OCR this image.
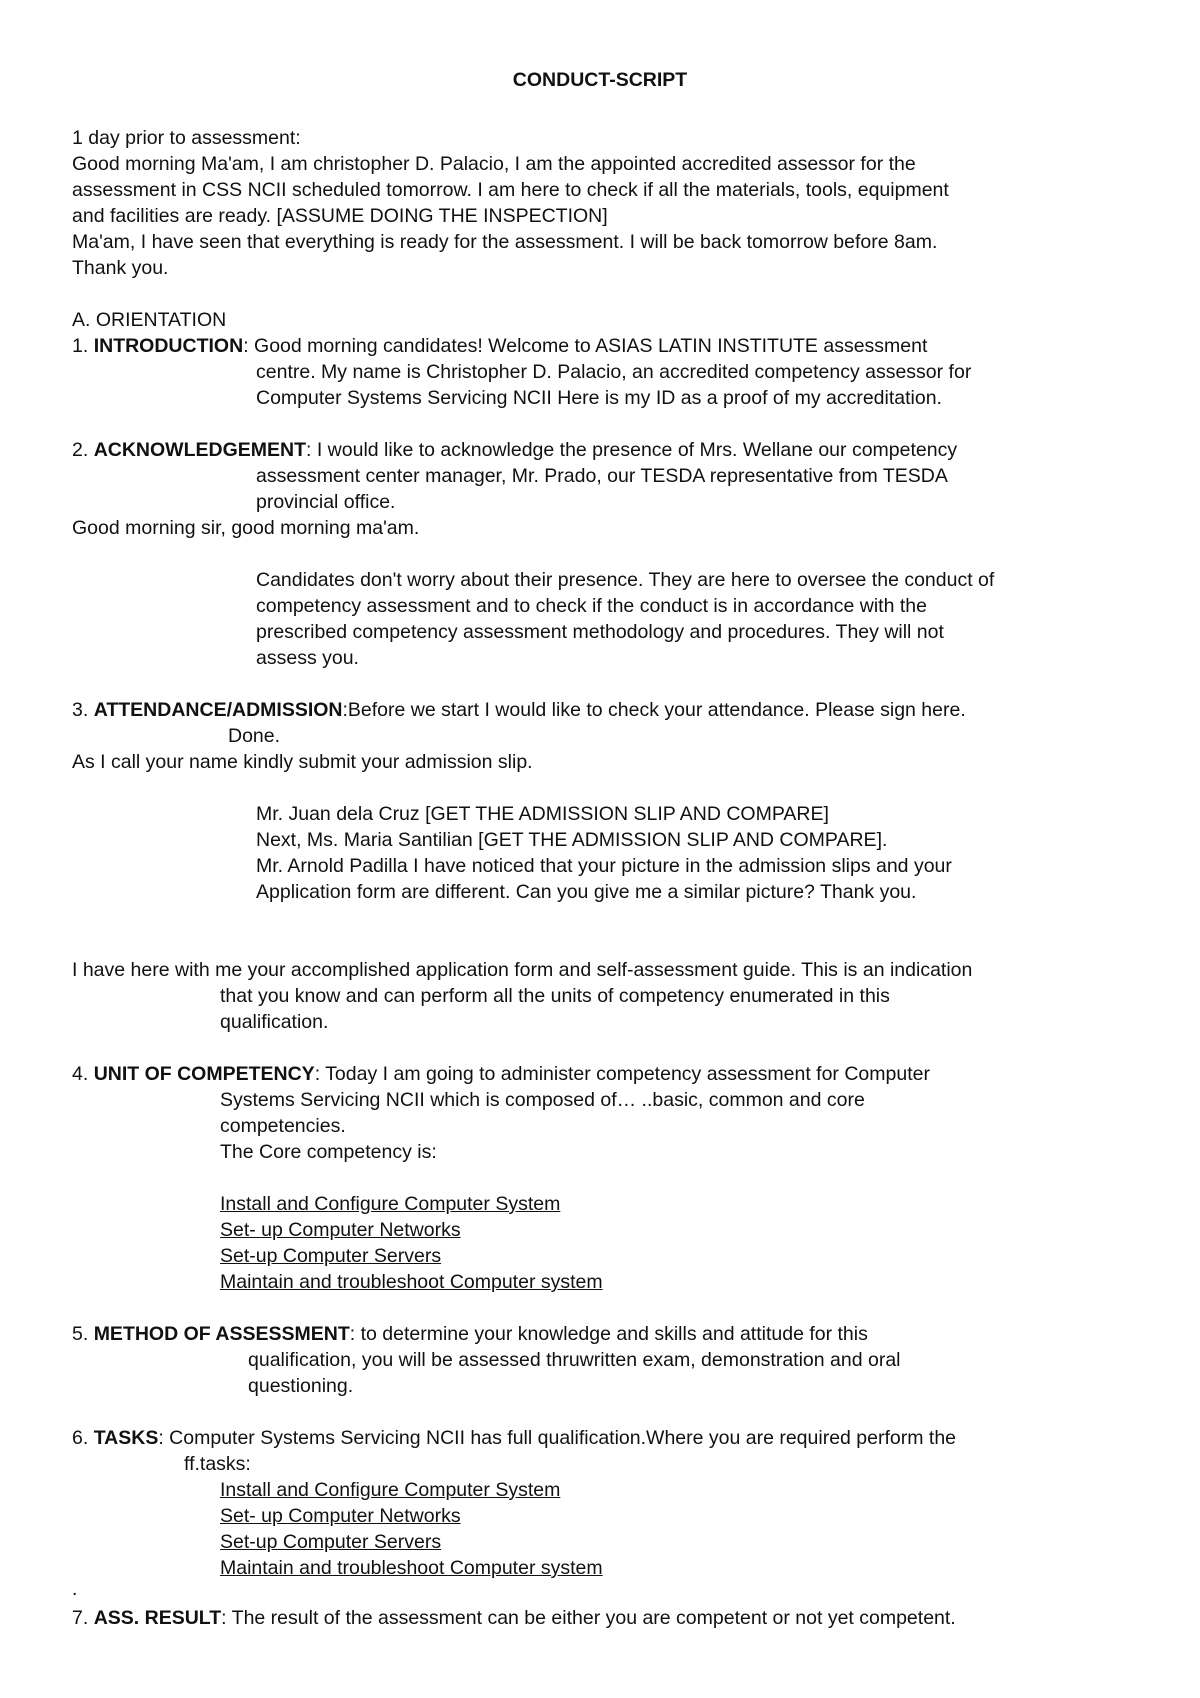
CONDUCT-SCRIPT

1 day prior to assessment:

Good morning Ma'am, I am christopher D. Palacio, I am the appointed accredited assessor for the

assessment in CSS NCII scheduled tomorrow. I am here to check if all the materials, tools, equipment

and facilities are ready. [ASSUME DOING THE INSPECTION]

Ma'am, I have seen that everything is ready for the assessment. I will be back tomorrow before 8am.

Thank you.

A. ORIENTATION

1. INTRODUCTION: Good morning candidates! Welcome to ASIAS LATIN INSTITUTE assessment

centre. My name is Christopher D. Palacio, an accredited competency assessor for

Computer Systems Servicing NCII Here is my ID as a proof of my accreditation.

2. ACKNOWLEDGEMENT: I would like to acknowledge the presence of Mrs. Wellane our competency

assessment center manager, Mr. Prado, our TESDA representative from TESDA

provincial office.

Good morning sir, good morning ma'am.

Candidates don't worry about their presence. They are here to oversee the conduct of

competency assessment and to check if the conduct is in accordance with the

prescribed competency assessment methodology and procedures. They will not

assess you.

3. ATTENDANCE/ADMISSION:Before we start I would like to check your attendance. Please sign here.

Done.

As I call your name kindly submit your admission slip.

Mr. Juan dela Cruz [GET THE ADMISSION SLIP AND COMPARE]

Next, Ms. Maria Santilian [GET THE ADMISSION SLIP AND COMPARE].

Mr. Arnold Padilla I have noticed that your picture in the admission slips and your

Application form are different. Can you give me a similar picture? Thank you.

I have here with me your accomplished application form and self-assessment guide. This is an indication

that you know and can perform all the units of competency enumerated in this

qualification.

4. UNIT OF COMPETENCY: Today I am going to administer competency assessment for Computer

Systems Servicing NCII which is composed of… ..basic, common and core

competencies.

The Core competency is:

Install and Configure Computer System

Set- up Computer Networks

Set-up Computer Servers

Maintain and troubleshoot Computer system

5. METHOD OF ASSESSMENT: to determine your knowledge and skills and attitude for this

qualification, you will be assessed thruwritten exam, demonstration and oral

questioning.

6. TASKS: Computer Systems Servicing NCII has full qualification.Where you are required perform the

ff.tasks:

Install and Configure Computer System

Set- up Computer Networks

Set-up Computer Servers

Maintain and troubleshoot Computer system

.

7. ASS. RESULT: The result of the assessment can be either you are competent or not yet competent.
